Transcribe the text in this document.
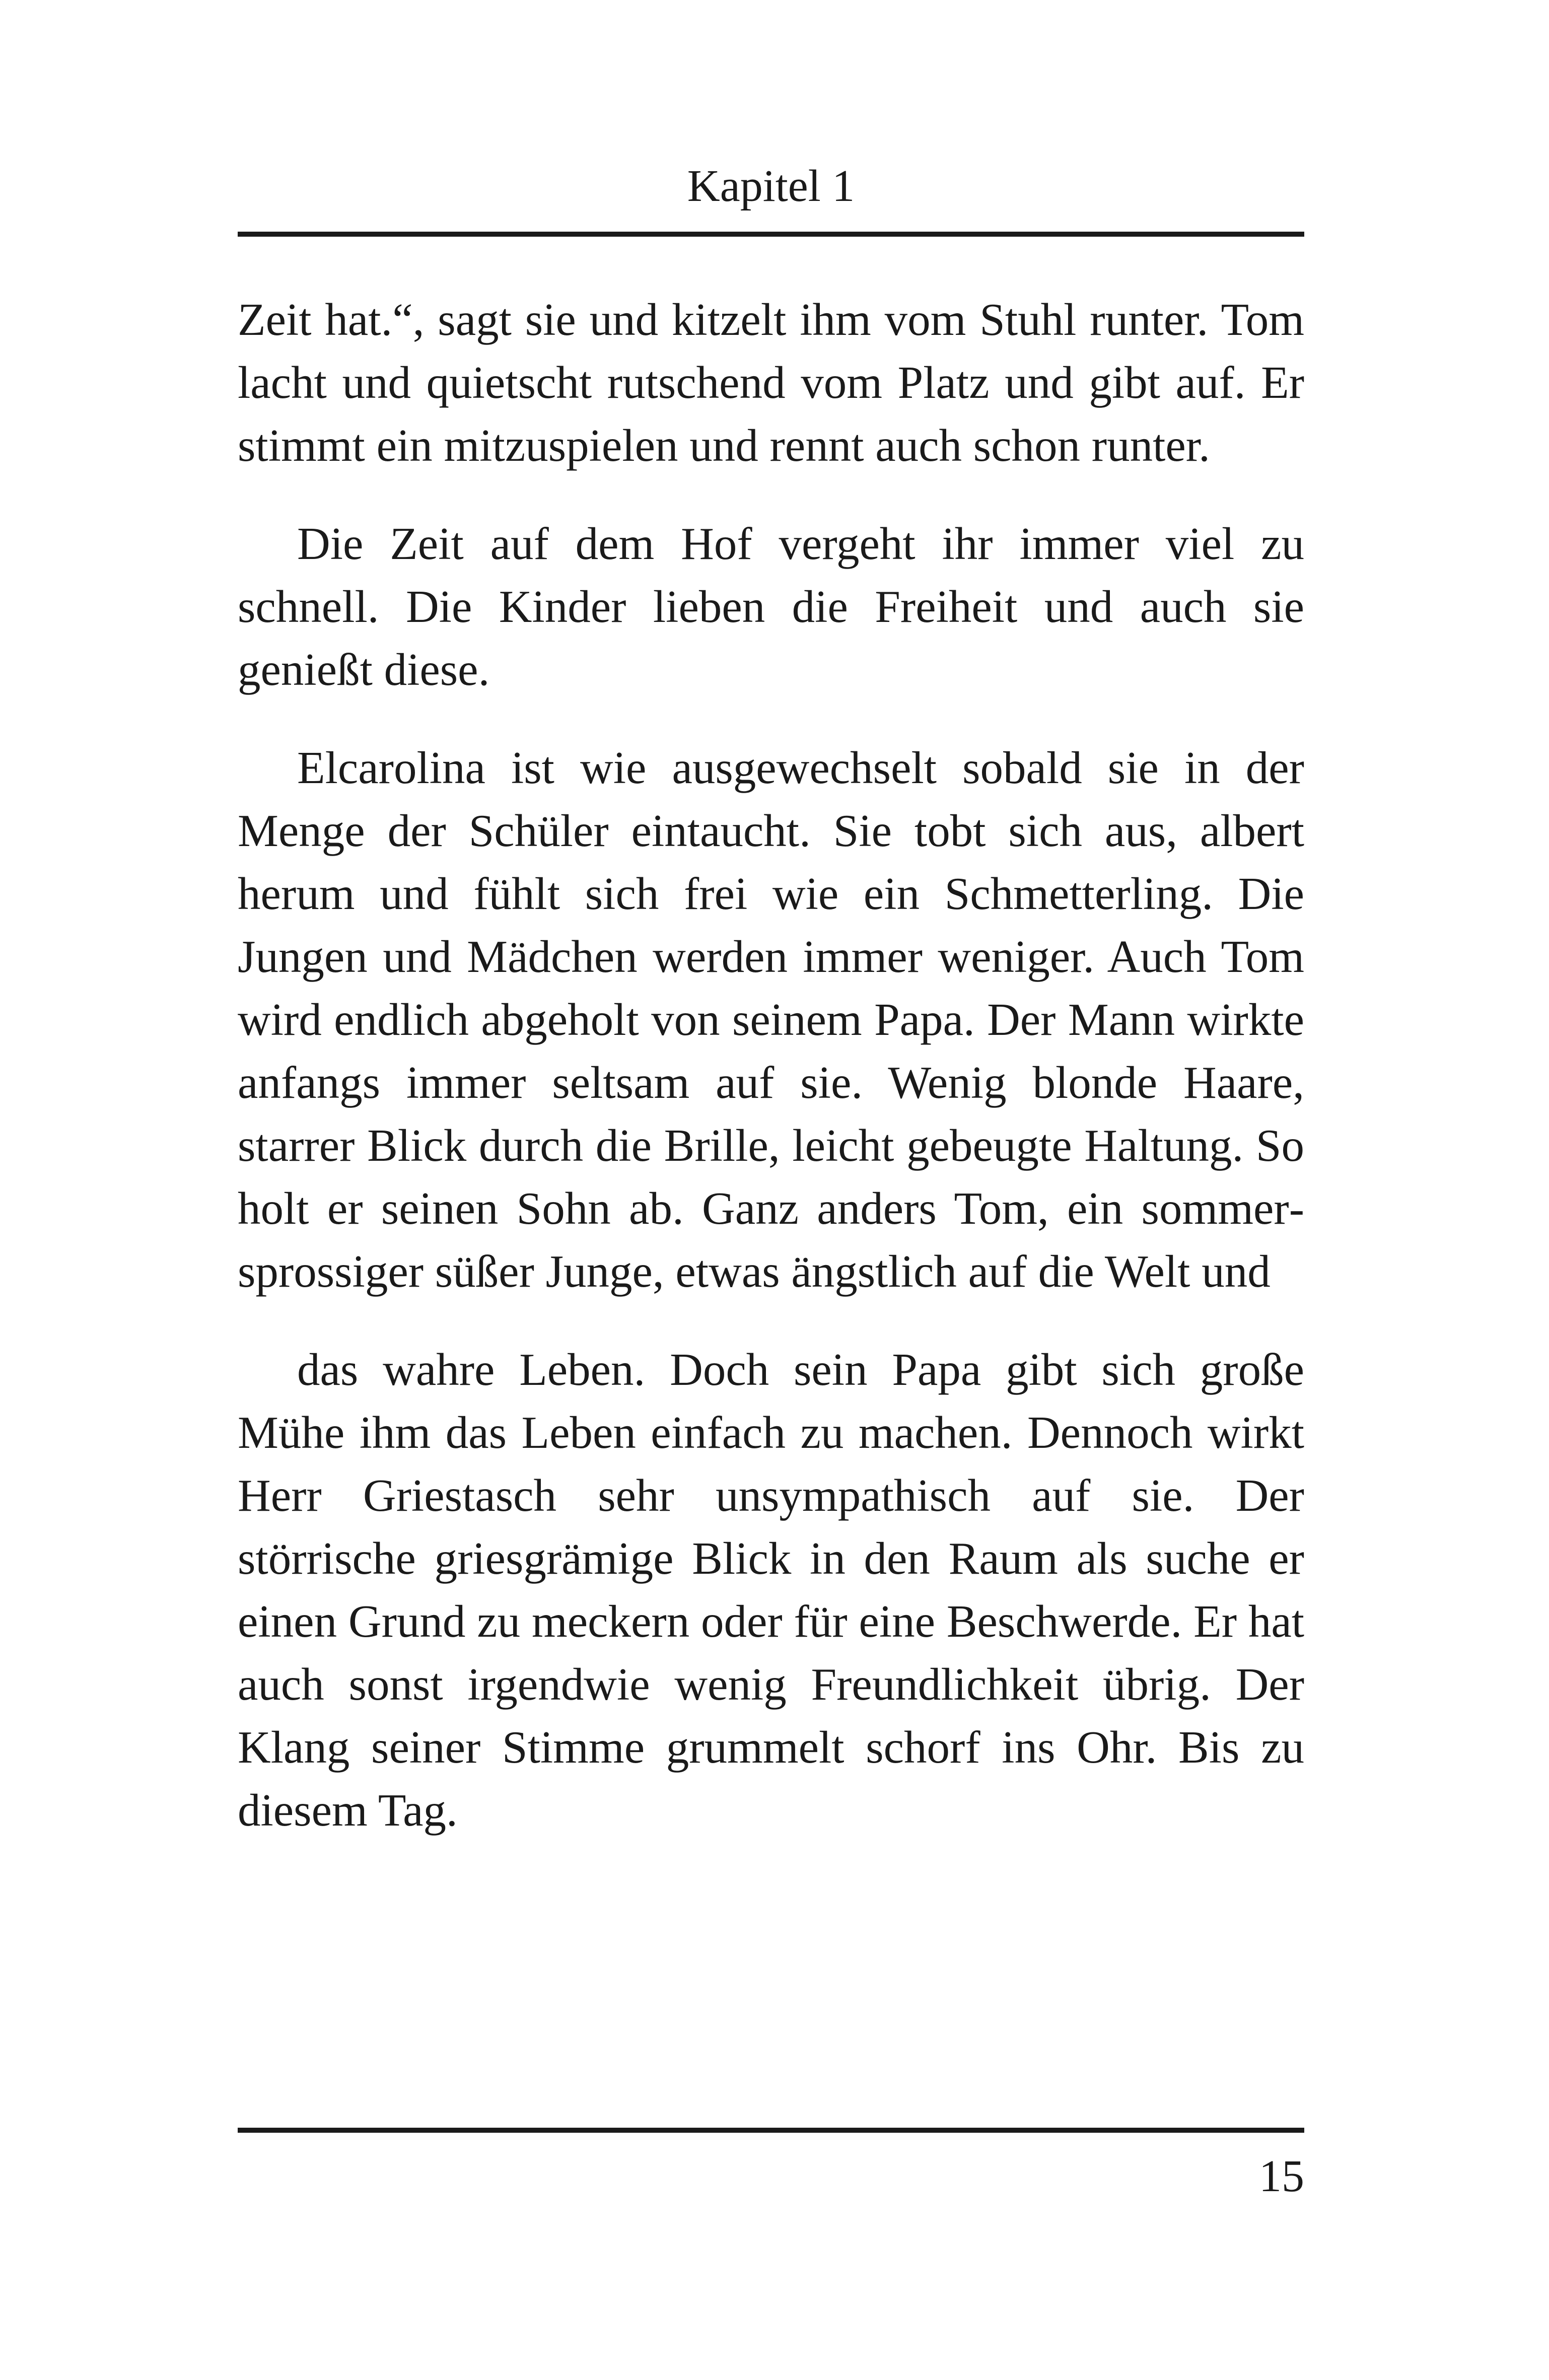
Kapitel 1

Zeit hat.“, sagt sie und kitzelt ihm vom Stuhl runter. Tom lacht und quietscht rutschend vom Platz und gibt auf. Er stimmt ein mitzuspielen und rennt auch schon runter.

Die Zeit auf dem Hof vergeht ihr immer viel zu schnell. Die Kinder lieben die Freiheit und auch sie genießt diese.

Elcarolina ist wie ausgewechselt sobald sie in der Menge der Schüler eintaucht. Sie tobt sich aus, albert herum und fühlt sich frei wie ein Schmetterling. Die Jungen und Mädchen werden immer weniger. Auch Tom wird endlich abgeholt von seinem Papa. Der Mann wirkte anfangs immer seltsam auf sie. Wenig blonde Haare, starrer Blick durch die Brille, leicht gebeugte Haltung. So holt er seinen Sohn ab. Ganz anders Tom, ein sommersprossiger süßer Junge, etwas ängstlich auf die Welt und

das wahre Leben. Doch sein Papa gibt sich große Mühe ihm das Leben einfach zu machen. Dennoch wirkt Herr Griestasch sehr unsympathisch auf sie. Der störrische griesgrämige Blick in den Raum als suche er einen Grund zu meckern oder für eine Beschwerde. Er hat auch sonst irgendwie wenig Freundlichkeit übrig. Der Klang seiner Stimme grummelt schorf ins Ohr. Bis zu diesem Tag.

15
